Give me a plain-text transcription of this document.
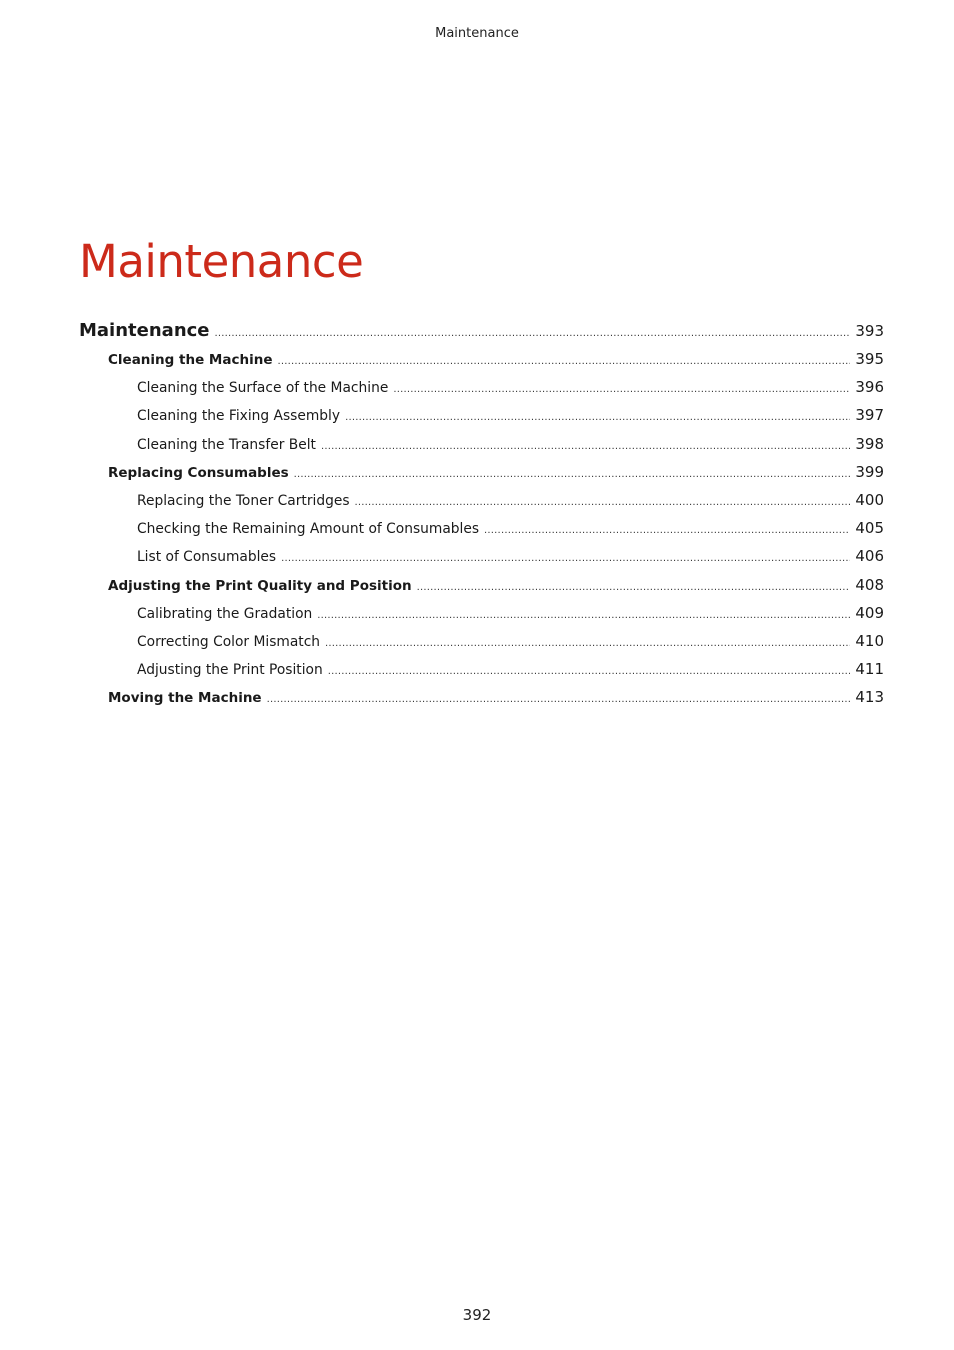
Maintenance
Maintenance
Maintenance .....	393
Cleaning the Machine .....	395
Cleaning the Surface of the Machine .....	396
Cleaning the Fixing Assembly .....	397
Cleaning the Transfer Belt .....	398
Replacing Consumables .....	399
Replacing the Toner Cartridges .....	400
Checking the Remaining Amount of Consumables .....	405
List of Consumables .....	406
Adjusting the Print Quality and Position .....	408
Calibrating the Gradation .....	409
Correcting Color Mismatch .....	410
Adjusting the Print Position .....	411
Moving the Machine .....	413
392
